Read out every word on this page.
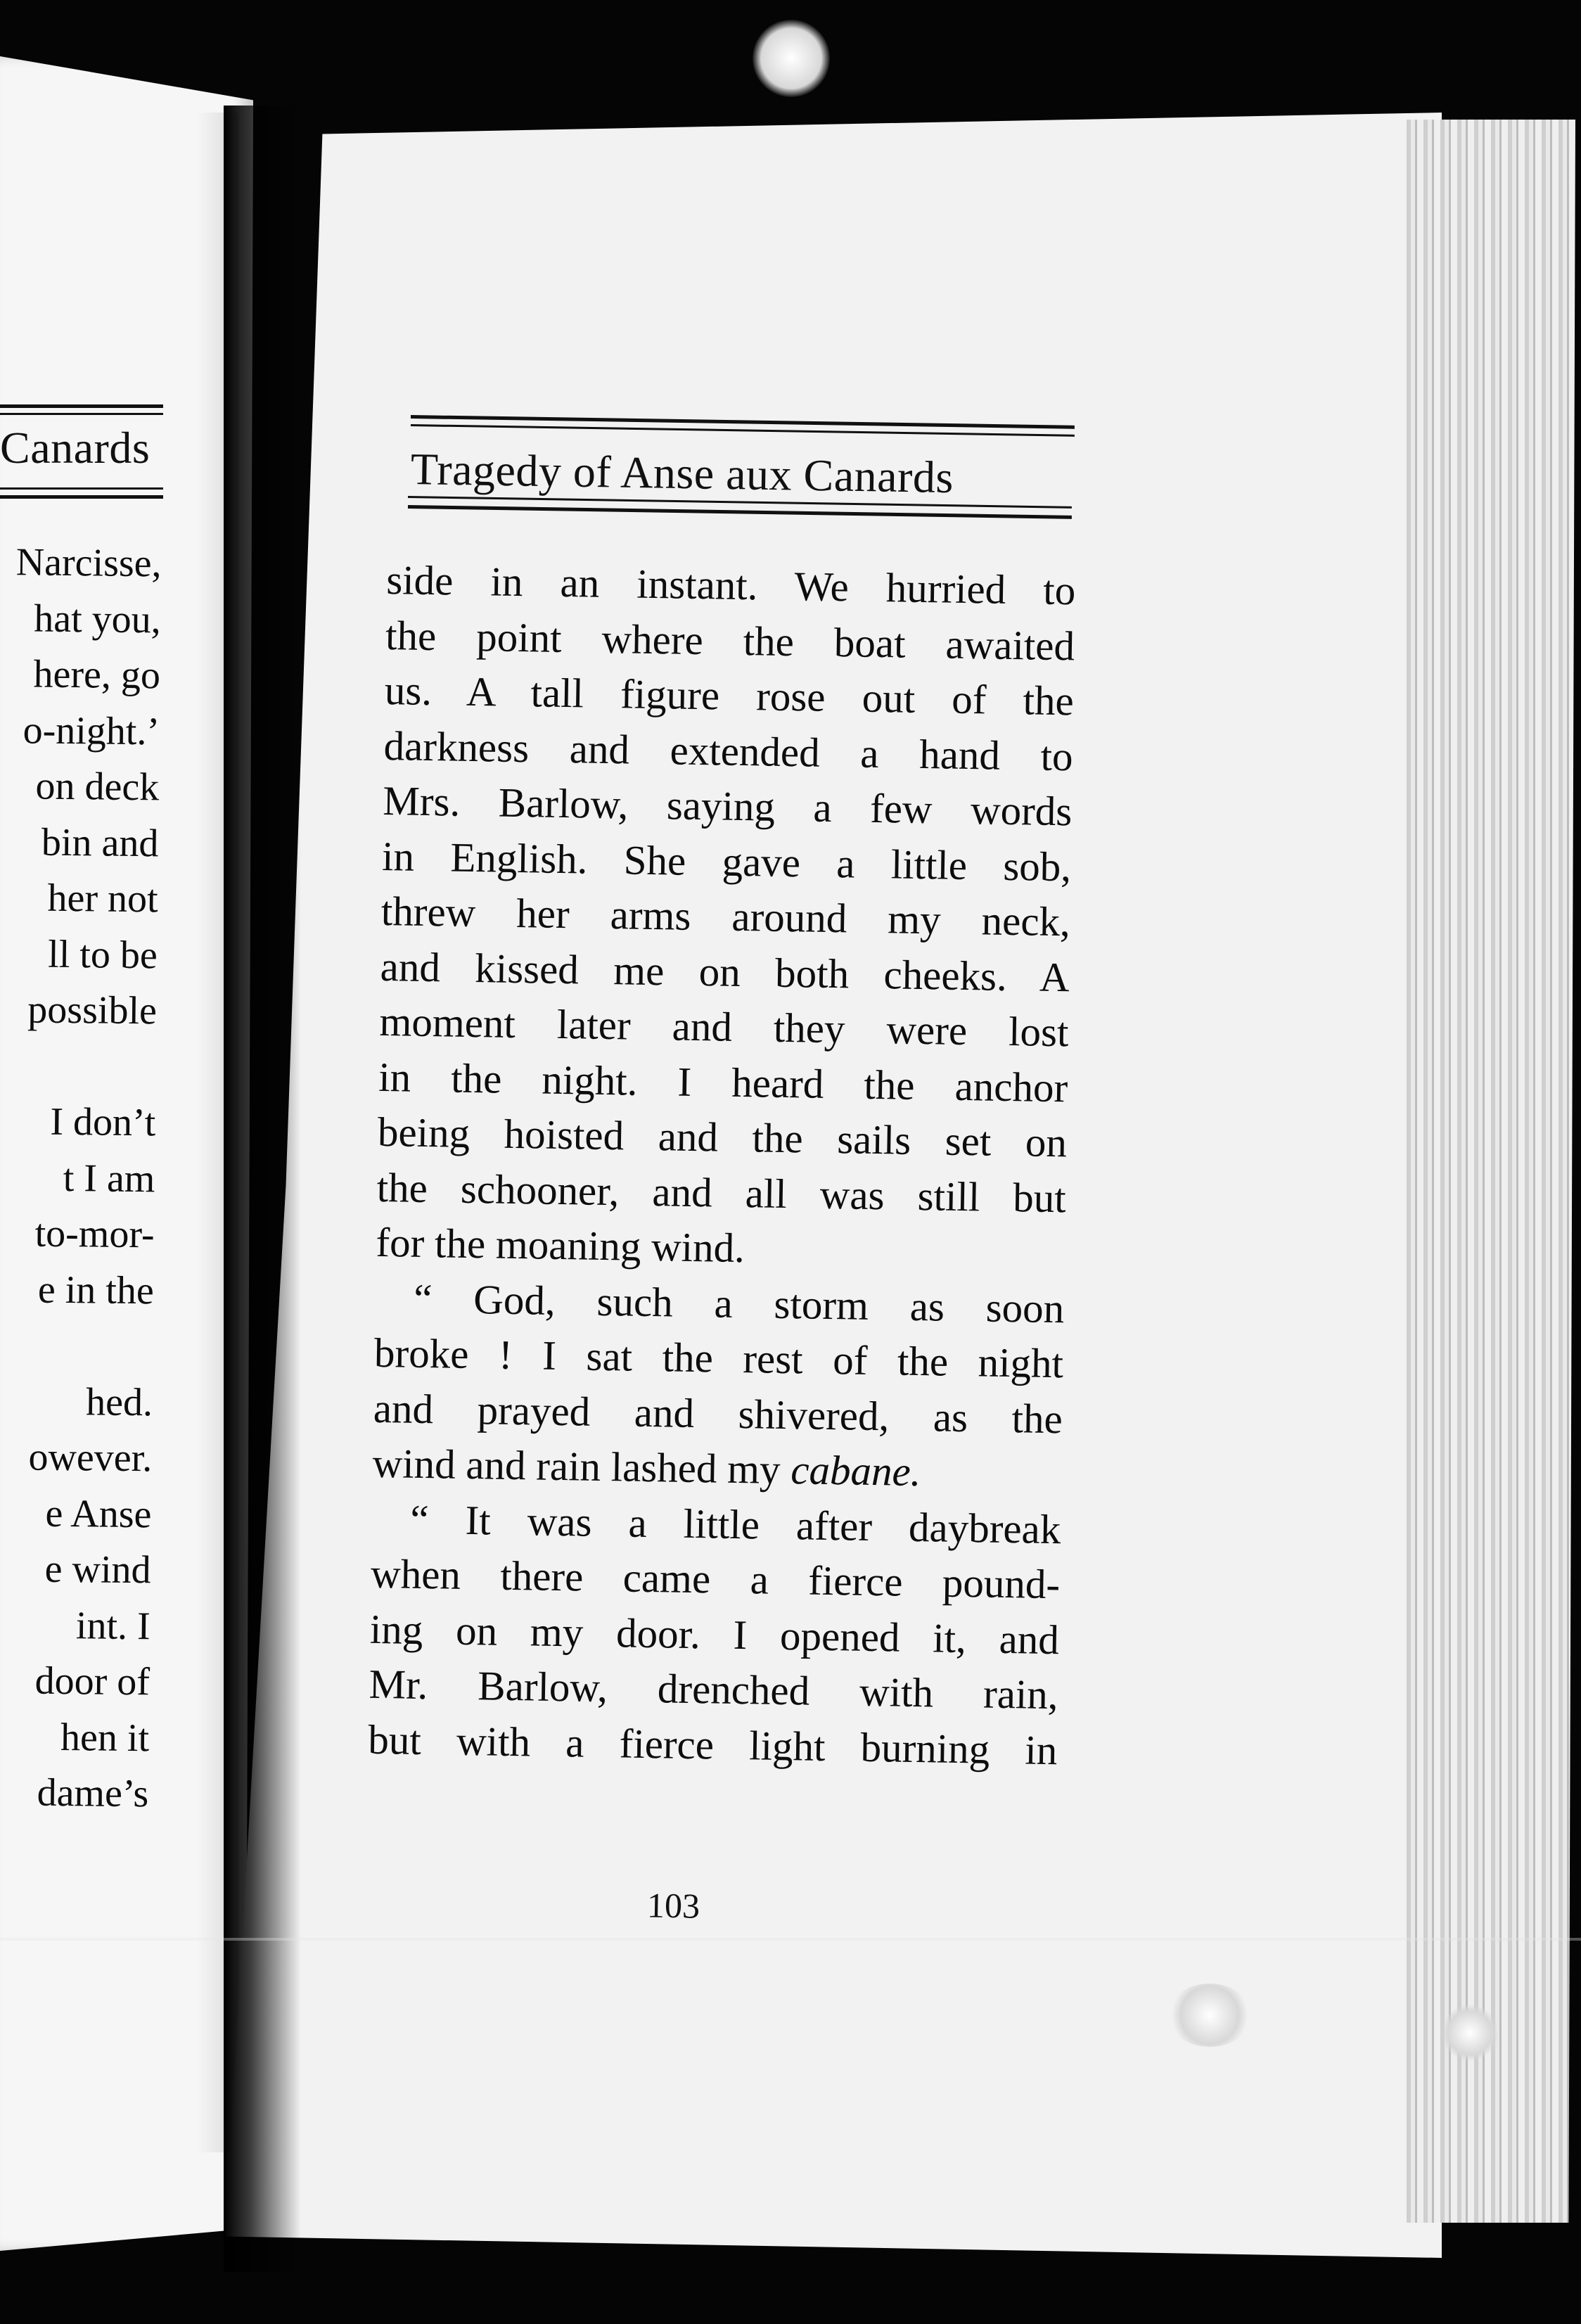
Canards
Narcisse,
hat you,
here, go
o-night.’
on deck
bin and
her not
ll to be
possible
I don’t
t I am
to-mor-
e in the
hed.
owever.
e Anse
e wind
int. I
door of
hen it
dame’s
Tragedy of Anse aux Canards
side in an instant. We hurried to
the point where the boat awaited
us. A tall figure rose out of the
darkness and extended a hand to
Mrs. Barlow, saying a few words
in English. She gave a little sob,
threw her arms around my neck,
and kissed me on both cheeks. A
moment later and they were lost
in the night. I heard the anchor
being hoisted and the sails set on
the schooner, and all was still but
for the moaning wind.
“ God, such a storm as soon
broke ! I sat the rest of the night
and prayed and shivered, as the
wind and rain lashed my cabane.
“ It was a little after daybreak
when there came a fierce pound-
ing on my door. I opened it, and
Mr. Barlow, drenched with rain,
but with a fierce light burning in
103
